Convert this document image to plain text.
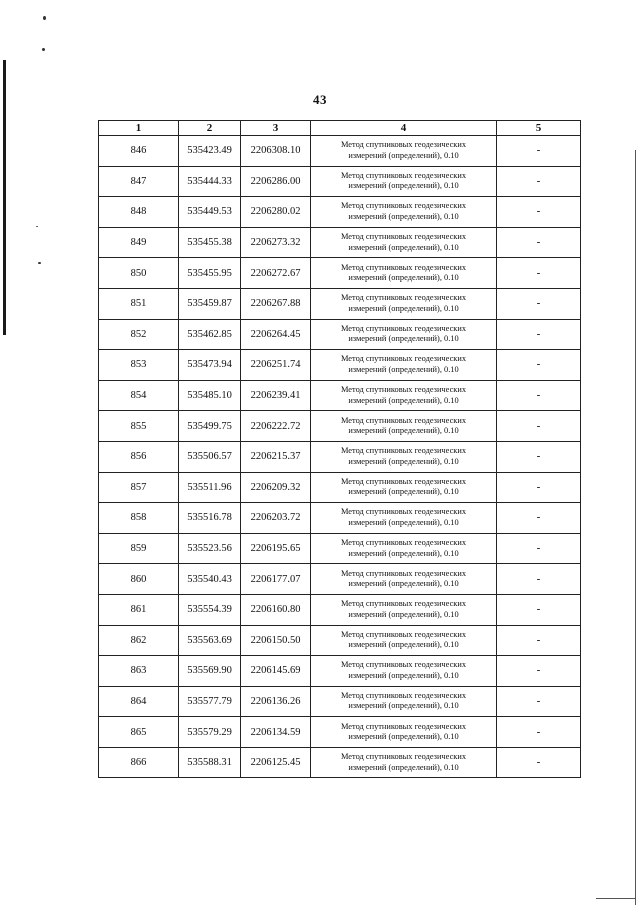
43
1	2	3	4	5
846	535423.49	2206308.10	Метод спутниковых геодезических
измерений (определений), 0.10	-
847	535444.33	2206286.00	Метод спутниковых геодезических
измерений (определений), 0.10	-
848	535449.53	2206280.02	Метод спутниковых геодезических
измерений (определений), 0.10	-
849	535455.38	2206273.32	Метод спутниковых геодезических
измерений (определений), 0.10	-
850	535455.95	2206272.67	Метод спутниковых геодезических
измерений (определений), 0.10	-
851	535459.87	2206267.88	Метод спутниковых геодезических
измерений (определений), 0.10	-
852	535462.85	2206264.45	Метод спутниковых геодезических
измерений (определений), 0.10	-
853	535473.94	2206251.74	Метод спутниковых геодезических
измерений (определений), 0.10	-
854	535485.10	2206239.41	Метод спутниковых геодезических
измерений (определений), 0.10	-
855	535499.75	2206222.72	Метод спутниковых геодезических
измерений (определений), 0.10	-
856	535506.57	2206215.37	Метод спутниковых геодезических
измерений (определений), 0.10	-
857	535511.96	2206209.32	Метод спутниковых геодезических
измерений (определений), 0.10	-
858	535516.78	2206203.72	Метод спутниковых геодезических
измерений (определений), 0.10	-
859	535523.56	2206195.65	Метод спутниковых геодезических
измерений (определений), 0.10	-
860	535540.43	2206177.07	Метод спутниковых геодезических
измерений (определений), 0.10	-
861	535554.39	2206160.80	Метод спутниковых геодезических
измерений (определений), 0.10	-
862	535563.69	2206150.50	Метод спутниковых геодезических
измерений (определений), 0.10	-
863	535569.90	2206145.69	Метод спутниковых геодезических
измерений (определений), 0.10	-
864	535577.79	2206136.26	Метод спутниковых геодезических
измерений (определений), 0.10	-
865	535579.29	2206134.59	Метод спутниковых геодезических
измерений (определений), 0.10	-
866	535588.31	2206125.45	Метод спутниковых геодезических
измерений (определений), 0.10	-
